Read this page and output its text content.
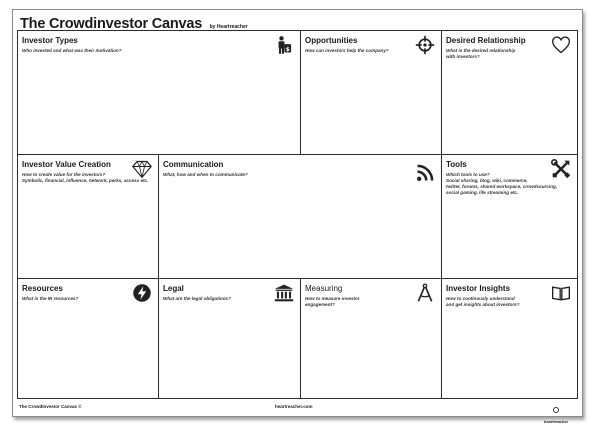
The Crowdinvestor Canvas by Heartreacher
Investor Types
Who invested and what was their motivation?	$
Opportunities
How can investors help the company?
Desired Relationship
What is the desired relationship
with investors?
Investor Value Creation
How to create value for the investors?
Symbolic, financial, influence, network, perks, access etc.
Communication
What, how and when to communicate?
Tools
Which tools to use?
Social sharing, blog, wiki, commerce,
twitter, forums, shared workspace, crowdsourcing,
social gaming, life streaming etc.
Resources
What is the IR resources?
Legal
What are the legal obligations?
Measuring
How to measure investor
engagement?
Investor Insights
How to continously understand
and get insights about investors?
The CrowdInvestor Canvas ©	heartreacher.com
heartreacher
